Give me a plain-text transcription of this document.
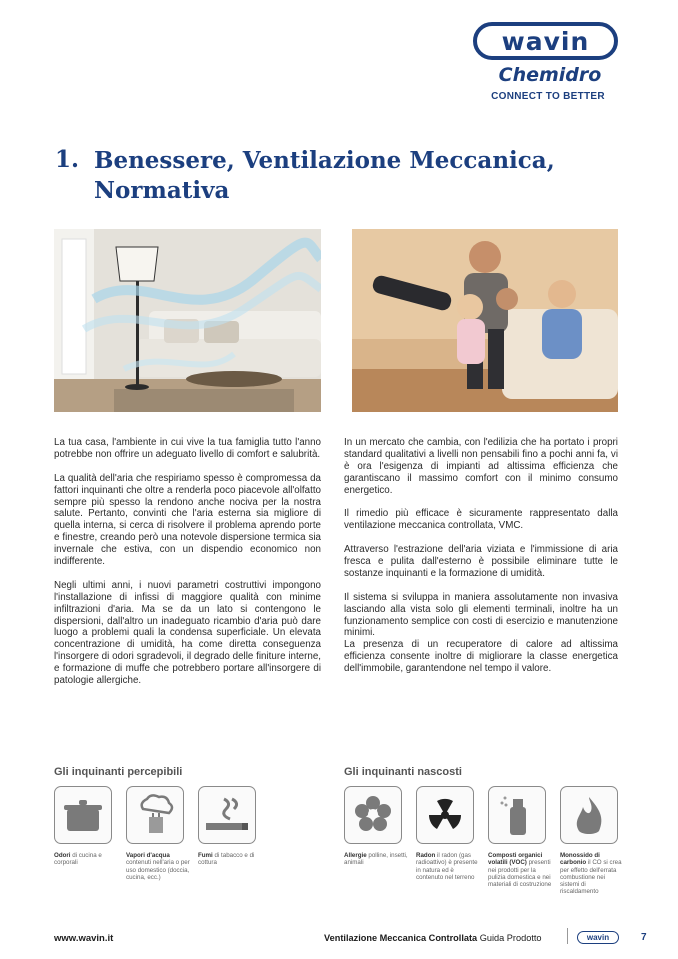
wavin
Chemidro
CONNECT TO BETTER
1. Benessere, Ventilazione Meccanica, Normativa

La tua casa, l'ambiente in cui vive la tua famiglia tutto l'anno potrebbe non offrire un adeguato livello di comfort e salubrità.

La qualità dell'aria che respiriamo spesso è compromessa da fattori inquinanti che oltre a renderla poco piacevole all'olfatto sempre più spesso la rendono anche nociva per la nostra salute. Pertanto, convinti che l'aria esterna sia migliore di quella interna, si cerca di risolvere il problema aprendo porte e finestre, creando però una notevole dispersione termica sia invernale che estiva, con un dispendio economico non indifferente.

Negli ultimi anni, i nuovi parametri costruttivi impongono l'installazione di infissi di maggiore qualità con minime infiltrazioni d'aria. Ma se da un lato si contengono le dispersioni, dall'altro un inadeguato ricambio d'aria può dare luogo a problemi quali la condensa superficiale. Un elevata concentrazione di umidità, ha come diretta conseguenza l'insorgere di odori sgradevoli, il degrado delle finiture interne, e formazione di muffe che potrebbero portare all'insorgere di patologie allergiche.

In un mercato che cambia, con l'edilizia che ha portato i propri standard qualitativi a livelli non pensabili fino a pochi anni fa, vi è ora l'esigenza di impianti ad altissima efficienza che garantiscano il massimo comfort con il minimo consumo energetico.

Il rimedio più efficace è sicuramente rappresentato dalla ventilazione meccanica controllata, VMC.

Attraverso l'estrazione dell'aria viziata e l'immissione di aria fresca e pulita dall'esterno è possibile eliminare tutte le sostanze inquinanti e la formazione di umidità.

Il sistema si sviluppa in maniera assolutamente non invasiva lasciando alla vista solo gli elementi terminali, inoltre ha un funzionamento semplice con costi di esercizio e manutenzione minimi.

La presenza di un recuperatore di calore ad altissima efficienza consente inoltre di migliorare la classe energetica dell'immobile, garantendone nel tempo il valore.

Gli inquinanti percepibili
Odori di cucina e corporali
Vapori d'acqua contenuti nell'aria o per uso domestico (doccia, cucina, ecc.)
Fumi di tabacco e di cottura
Gli inquinanti nascosti
Allergie polline, insetti, animali
Radon il radon (gas radioattivo) è presente in natura ed è contenuto nel terreno
Composti organici volatili (VOC) presenti nei prodotti per la pulizia domestica e nei materiali di costruzione
Monossido di carbonio il CO si crea per effetto dell'errata combustione nei sistemi di riscaldamento
www.wavin.it	Ventilazione Meccanica Controllata Guida Prodotto	wavin	7
